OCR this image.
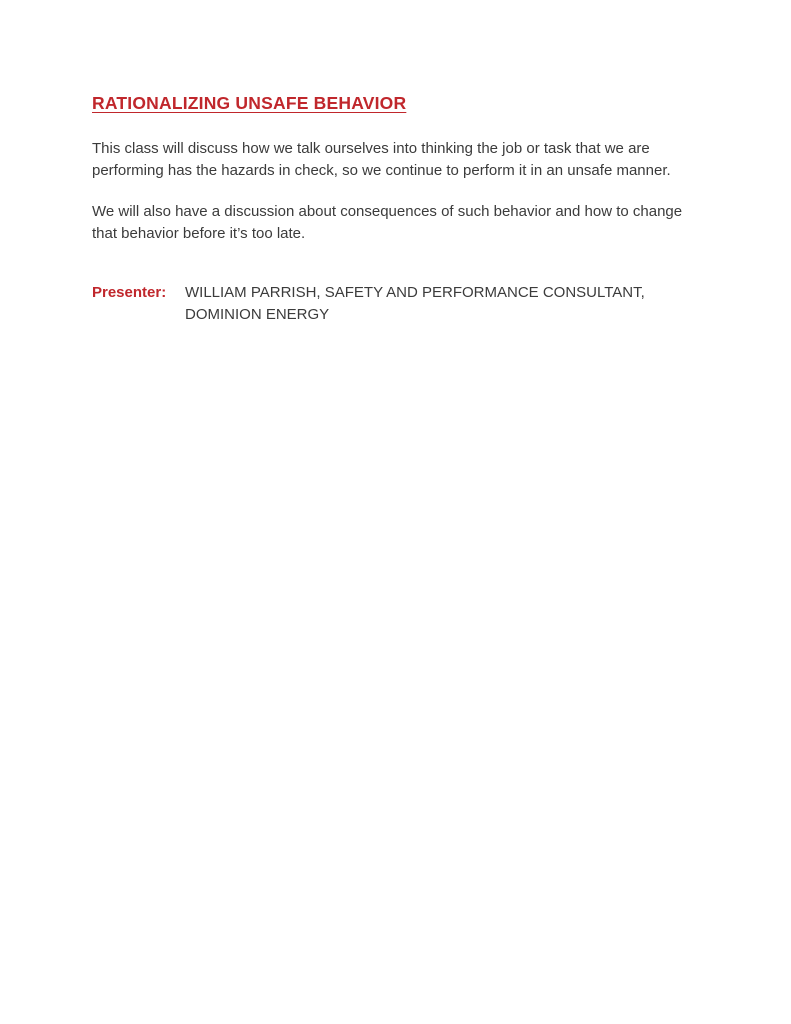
RATIONALIZING UNSAFE BEHAVIOR

This class will discuss how we talk ourselves into thinking the job or task that we are performing has the hazards in check, so we continue to perform it in an unsafe manner.

We will also have a discussion about consequences of such behavior and how to change that behavior before it’s too late.

Presenter:	WILLIAM PARRISH, SAFETY AND PERFORMANCE CONSULTANT,
DOMINION ENERGY
